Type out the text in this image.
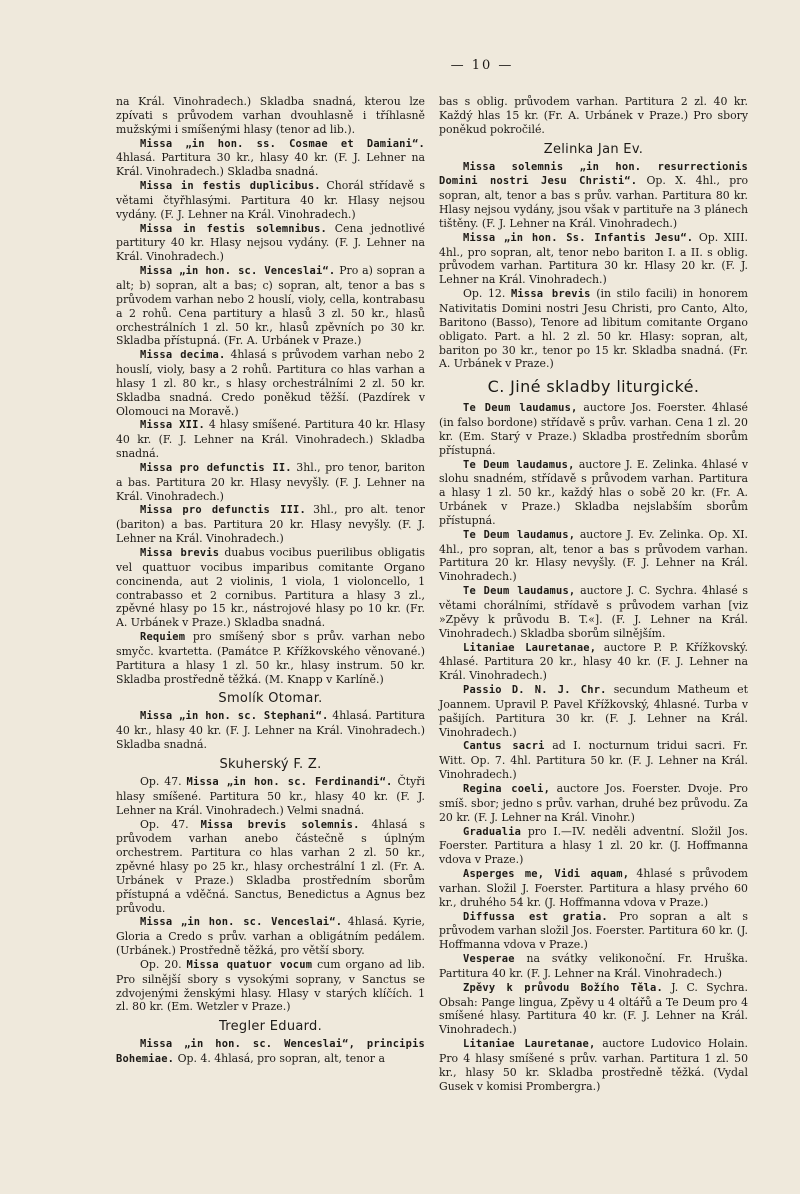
— 10 —

na Král. Vinohradech.) Skladba snadná, kterou lze zpívati s průvodem varhan dvouhlasně i tříhlasně mužskými i smíšenými hlasy (tenor ad lib.).

Missa „in hon. ss. Cosmae et Damiani“. 4hlasá. Partitura 30 kr., hlasy 40 kr. (F. J. Lehner na Král. Vinohradech.) Skladba snadná.

Missa in festis duplicibus. Chorál střídavě s větami čtyřhlasými. Partitura 40 kr. Hlasy nejsou vydány. (F. J. Lehner na Král. Vinohradech.)

Missa in festis solemnibus. Cena jednotlivé partitury 40 kr. Hlasy nejsou vydány. (F. J. Lehner na Král. Vinohradech.)

Missa „in hon. sc. Venceslai“. Pro a) sopran a alt; b) sopran, alt a bas; c) sopran, alt, tenor a bas s průvodem varhan nebo 2 houslí, violy, cella, kontrabasu a 2 rohů. Cena partitury a hlasů 3 zl. 50 kr., hlasů orchestrálních 1 zl. 50 kr., hlasů zpěvních po 30 kr. Skladba přístupná. (Fr. A. Urbánek v Praze.)

Missa decima. 4hlasá s průvodem varhan nebo 2 houslí, violy, basy a 2 rohů. Partitura co hlas varhan a hlasy 1 zl. 80 kr., s hlasy orchestrálními 2 zl. 50 kr. Skladba snadná. Credo poněkud těžší. (Pazdírek v Olomouci na Moravě.)

Missa XII. 4 hlasy smíšené. Partitura 40 kr. Hlasy 40 kr. (F. J. Lehner na Král. Vinohradech.) Skladba snadná.

Missa pro defunctis II. 3hl., pro tenor, bariton a bas. Partitura 20 kr. Hlasy nevyšly. (F. J. Lehner na Král. Vinohradech.)

Missa pro defunctis III. 3hl., pro alt. tenor (bariton) a bas. Partitura 20 kr. Hlasy nevyšly. (F. J. Lehner na Král. Vinohradech.)

Missa brevis duabus vocibus puerilibus obligatis vel quattuor vocibus imparibus comitante Organo concinenda, aut 2 violinis, 1 viola, 1 violoncello, 1 contrabasso et 2 cornibus. Partitura a hlasy 3 zl., zpěvné hlasy po 15 kr., nástrojové hlasy po 10 kr. (Fr. A. Urbánek v Praze.) Skladba snadná.

Requiem pro smíšený sbor s prův. varhan nebo smyčc. kvartetta. (Památce P. Křížkovského věnované.) Partitura a hlasy 1 zl. 50 kr., hlasy instrum. 50 kr. Skladba prostředně těžká. (M. Knapp v Karlíně.)

Smolík Otomar.

Missa „in hon. sc. Stephani“. 4hlasá. Partitura 40 kr., hlasy 40 kr. (F. J. Lehner na Král. Vinohradech.) Skladba snadná.

Skuherský F. Z.

Op. 47. Missa „in hon. sc. Ferdinandi“. Čtyři hlasy smíšené. Partitura 50 kr., hlasy 40 kr. (F. J. Lehner na Král. Vinohradech.) Velmi snadná.

Op. 47. Missa brevis solemnis. 4hlasá s průvodem varhan anebo částečně s úplným orchestrem. Partitura co hlas varhan 2 zl. 50 kr., zpěvné hlasy po 25 kr., hlasy orchestrální 1 zl. (Fr. A. Urbánek v Praze.) Skladba prostředním sborům přístupná a vděčná. Sanctus, Benedictus a Agnus bez průvodu.

Missa „in hon. sc. Venceslai“. 4hlasá. Kyrie, Gloria a Credo s prův. varhan a obligátním pedálem. (Urbánek.) Prostředně těžká, pro větší sbory.

Op. 20. Missa quatuor vocum cum organo ad lib. Pro silnější sbory s vysokými soprany, v Sanctus se zdvojenými ženskými hlasy. Hlasy v starých klíčích. 1 zl. 80 kr. (Em. Wetzler v Praze.)

Tregler Eduard.

Missa „in hon. sc. Wenceslai“, principis Bohemiae. Op. 4. 4hlasá, pro sopran, alt, tenor a

bas s oblig. průvodem varhan. Partitura 2 zl. 40 kr. Každý hlas 15 kr. (Fr. A. Urbánek v Praze.) Pro sbory poněkud pokročilé.

Zelinka Jan Ev.

Missa solemnis „in hon. resurrectionis Domini nostri Jesu Christi“. Op. X. 4hl., pro sopran, alt, tenor a bas s prův. varhan. Partitura 80 kr. Hlasy nejsou vydány, jsou však v partituře na 3 plánech tištěny. (F. J. Lehner na Král. Vinohradech.)

Missa „in hon. Ss. Infantis Jesu“. Op. XIII. 4hl., pro sopran, alt, tenor nebo bariton I. a II. s oblig. průvodem varhan. Partitura 30 kr. Hlasy 20 kr. (F. J. Lehner na Král. Vinohradech.)

Op. 12. Missa brevis (in stilo facili) in honorem Nativitatis Domini nostri Jesu Christi, pro Canto, Alto, Baritono (Basso), Tenore ad libitum comitante Organo obligato. Part. a hl. 2 zl. 50 kr. Hlasy: sopran, alt, bariton po 30 kr., tenor po 15 kr. Skladba snadná. (Fr. A. Urbánek v Praze.)

C. Jiné skladby liturgické.

Te Deum laudamus, auctore Jos. Foerster. 4hlasé (in falso bordone) střídavě s prův. varhan. Cena 1 zl. 20 kr. (Em. Starý v Praze.) Skladba prostředním sborům přístupná.

Te Deum laudamus, auctore J. E. Zelinka. 4hlasé v slohu snadném, střídavě s průvodem varhan. Partitura a hlasy 1 zl. 50 kr., každý hlas o sobě 20 kr. (Fr. A. Urbánek v Praze.) Skladba nejslabším sborům přístupná.

Te Deum laudamus, auctore J. Ev. Zelinka. Op. XI. 4hl., pro sopran, alt, tenor a bas s průvodem varhan. Partitura 20 kr. Hlasy nevyšly. (F. J. Lehner na Král. Vinohradech.)

Te Deum laudamus, auctore J. C. Sychra. 4hlasé s větami chorálními, střídavě s průvodem varhan [viz »Zpěvy k průvodu B. T.«]. (F. J. Lehner na Král. Vinohradech.) Skladba sborům silnějším.

Litaniae Lauretanae, auctore P. P. Křížkovský. 4hlasé. Partitura 20 kr., hlasy 40 kr. (F. J. Lehner na Král. Vinohradech.)

Passio D. N. J. Chr. secundum Matheum et Joannem. Upravil P. Pavel Křížkovský, 4hlasné. Turba v pašijích. Partitura 30 kr. (F. J. Lehner na Král. Vinohradech.)

Cantus sacri ad I. nocturnum tridui sacri. Fr. Witt. Op. 7. 4hl. Partitura 50 kr. (F. J. Lehner na Král. Vinohradech.)

Regina coeli, auctore Jos. Foerster. Dvoje. Pro smíš. sbor; jedno s prův. varhan, druhé bez průvodu. Za 20 kr. (F. J. Lehner na Král. Vinohr.)

Gradualia pro I.—IV. neděli adventní. Složil Jos. Foerster. Partitura a hlasy 1 zl. 20 kr. (J. Hoffmanna vdova v Praze.)

Asperges me, Vidi aquam, 4hlasé s průvodem varhan. Složil J. Foerster. Partitura a hlasy prvého 60 kr., druhého 54 kr. (J. Hoffmanna vdova v Praze.)

Diffussa est gratia. Pro sopran a alt s průvodem varhan složil Jos. Foerster. Partitura 60 kr. (J. Hoffmanna vdova v Praze.)

Vesperae na svátky velikonoční. Fr. Hruška. Partitura 40 kr. (F. J. Lehner na Král. Vinohradech.)

Zpěvy k průvodu Božího Těla. J. C. Sychra. Obsah: Pange lingua, Zpěvy u 4 oltářů a Te Deum pro 4 smíšené hlasy. Partitura 40 kr. (F. J. Lehner na Král. Vinohradech.)

Litaniae Lauretanae, auctore Ludovico Holain. Pro 4 hlasy smíšené s prův. varhan. Partitura 1 zl. 50 kr., hlasy 50 kr. Skladba prostředně těžká. (Vydal Gusek v komisi Prombergra.)
